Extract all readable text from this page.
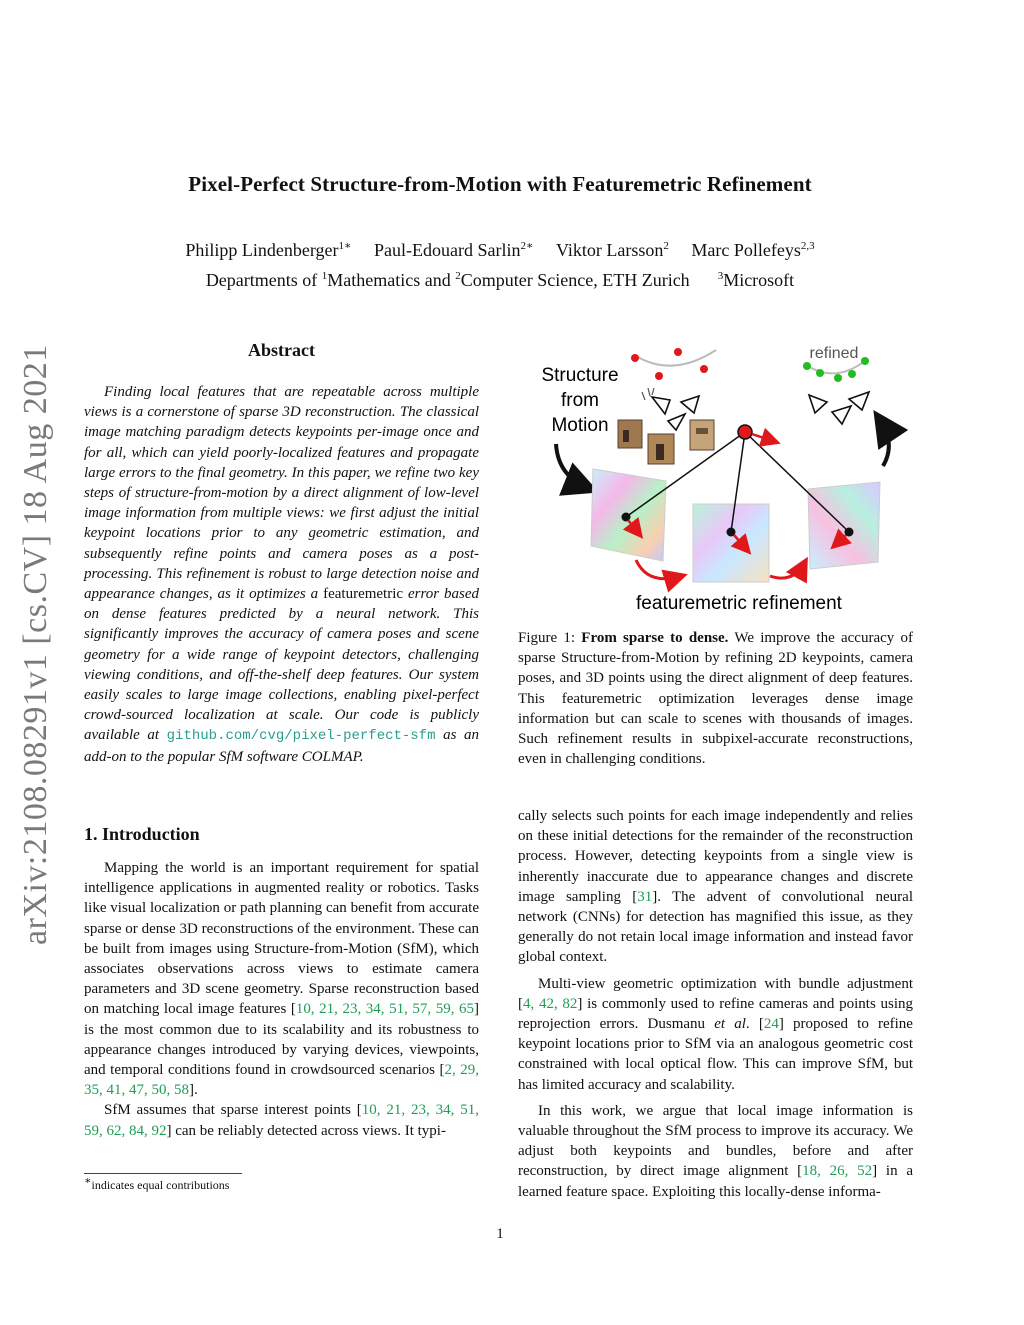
arXiv:2108.08291v1 [cs.CV] 18 Aug 2021
Pixel-Perfect Structure-from-Motion with Featuremetric Refinement
Philipp Lindenberger$^{1∗}$ Paul-Edouard Sarlin$^{2∗}$ Viktor Larsson$^2$ Marc Pollefeys$^{2,3}$
Departments of $^1$Mathematics and $^2$Computer Science, ETH Zurich	$^3$Microsoft
Abstract
Finding local features that are repeatable across multiple views is a cornerstone of sparse 3D reconstruction. The classical image matching paradigm detects keypoints per-image once and for all, which can yield poorly-localized features and propagate large errors to the final geometry. In this paper, we refine two key steps of structure-from-motion by a direct alignment of low-level image information from multiple views: we first adjust the initial keypoint locations prior to any geometric estimation, and subsequently refine points and camera poses as a post-processing. This refinement is robust to large detection noise and appearance changes, as it optimizes a featuremetric error based on dense features predicted by a neural network. This significantly improves the accuracy of camera poses and scene geometry for a wide range of keypoint detectors, challenging viewing conditions, and off-the-shelf deep features. Our system easily scales to large image collections, enabling pixel-perfect crowd-sourced localization at scale. Our code is publicly available at github.com/cvg/pixel-perfect-sfm as an add-on to the popular SfM software COLMAP.
1. Introduction

Mapping the world is an important requirement for spatial intelligence applications in augmented reality or robotics. Tasks like visual localization or path planning can benefit from accurate sparse or dense 3D reconstructions of the environment. These can be built from images using Structure-from-Motion (SfM), which associates observations across views to estimate camera parameters and 3D scene geometry. Sparse reconstruction based on matching local image features [10, 21, 23, 34, 51, 57, 59, 65] is the most common due to its scalability and its robustness to appearance changes introduced by varying devices, viewpoints, and temporal conditions found in crowdsourced scenarios [2, 29, 35, 41, 47, 50, 58].

SfM assumes that sparse interest points [10, 21, 23, 34, 51, 59, 62, 84, 92] can be reliably detected across views. It typi-

∗indicates equal contributions
Structure
from
Motion
refined
featuremetric refinement
Figure 1: From sparse to dense. We improve the accuracy of sparse Structure-from-Motion by refining 2D keypoints, camera poses, and 3D points using the direct alignment of deep features. This featuremetric optimization leverages dense image information but can scale to scenes with thousands of images. Such refinement results in subpixel-accurate reconstructions, even in challenging conditions.

cally selects such points for each image independently and relies on these initial detections for the remainder of the reconstruction process. However, detecting keypoints from a single view is inherently inaccurate due to appearance changes and discrete image sampling [31]. The advent of convolutional neural network (CNNs) for detection has magnified this issue, as they generally do not retain local image information and instead favor global context.

Multi-view geometric optimization with bundle adjustment [4, 42, 82] is commonly used to refine cameras and points using reprojection errors. Dusmanu et al. [24] proposed to refine keypoint locations prior to SfM via an analogous geometric cost constrained with local optical flow. This can improve SfM, but has limited accuracy and scalability.

In this work, we argue that local image information is valuable throughout the SfM process to improve its accuracy. We adjust both keypoints and bundles, before and after reconstruction, by direct image alignment [18, 26, 52] in a learned feature space. Exploiting this locally-dense informa-

1
